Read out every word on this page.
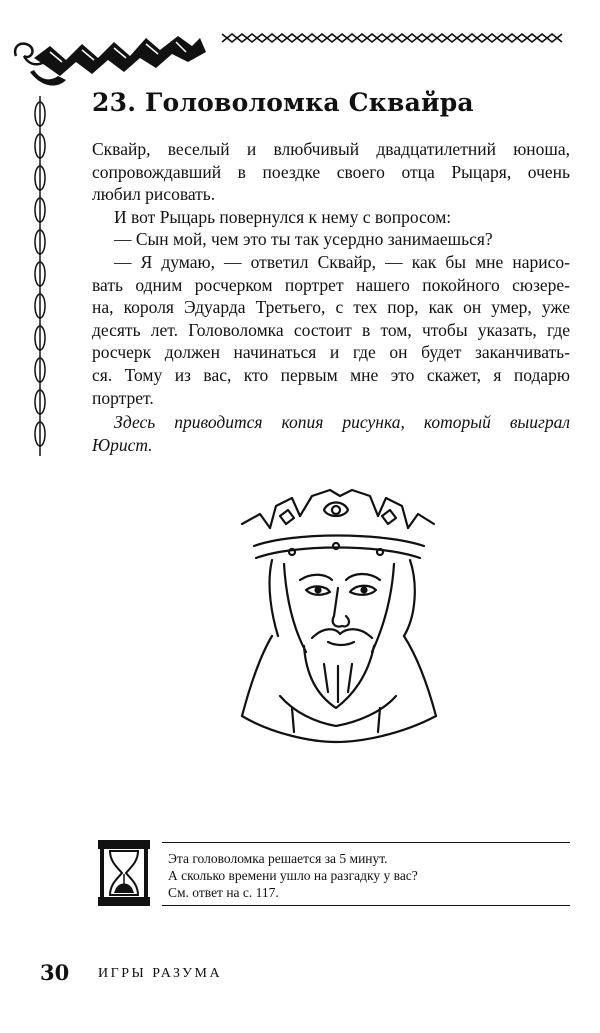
23. Головоломка Сквайра
Сквайр, веселый и влюбчивый двадцатилетний юноша,
сопровождавший в поездке своего отца Рыцаря, очень
любил рисовать.
И вот Рыцарь повернулся к нему с вопросом:
— Сын мой, чем это ты так усердно занимаешься?
— Я думаю, — ответил Сквайр, — как бы мне нарисо-
вать одним росчерком портрет нашего покойного сюзере-
на, короля Эдуарда Третьего, с тех пор, как он умер, уже
десять лет. Головоломка состоит в том, чтобы указать, где
росчерк должен начинаться и где он будет заканчивать-
ся. Тому из вас, кто первым мне это скажет, я подарю
портрет.
Здесь приводится копия рисунка, который выиграл
Юрист.
Эта головоломка решается за 5 минут.
А сколько времени ушло на разгадку у вас?
См. ответ на с. 117.
30 ИГРЫ РАЗУМА
